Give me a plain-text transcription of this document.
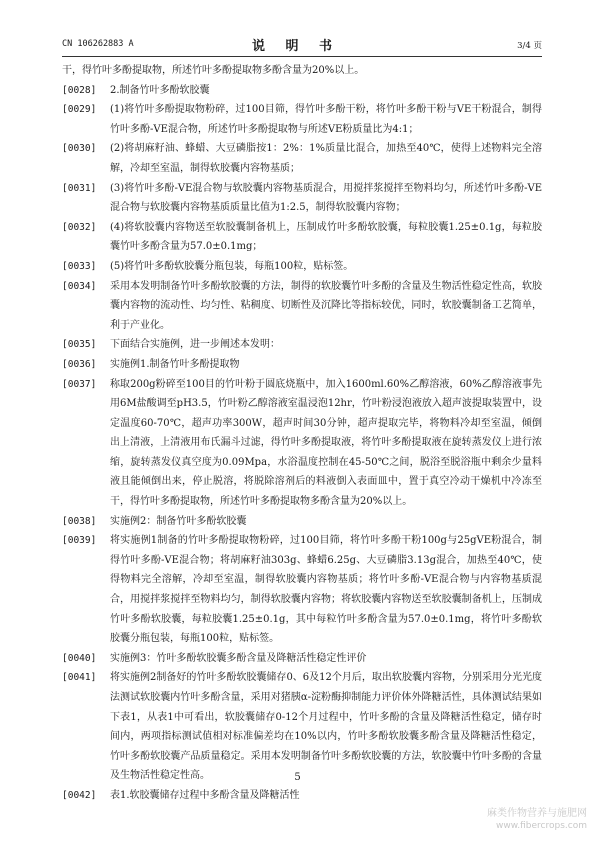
CN 106262883 A	说 明 书	3/4 页

干，得竹叶多酚提取物，所述竹叶多酚提取物多酚含量为20%以上。

[0028]	2.制备竹叶多酚软胶囊

[0029]	(1)将竹叶多酚提取物粉碎，过100目筛，得竹叶多酚干粉，将竹叶多酚干粉与VE干粉混合，制得竹叶多酚-VE混合物，所述竹叶多酚提取物与所述VE粉质量比为4:1；

[0030]	(2)将胡麻籽油、蜂蜡、大豆磷脂按1：2%：1%质量比混合，加热至40℃，使得上述物料完全溶解，冷却至室温，制得软胶囊内容物基质；

[0031]	(3)将竹叶多酚-VE混合物与软胶囊内容物基质混合，用搅拌浆搅拌至物料均匀，所述竹叶多酚-VE混合物与软胶囊内容物基质质量比值为1:2.5，制得软胶囊内容物；

[0032]	(4)将软胶囊内容物送至软胶囊制备机上，压制成竹叶多酚软胶囊，每粒胶囊1.25±0.1g，每粒胶囊竹叶多酚含量为57.0±0.1mg；

[0033]	(5)将竹叶多酚软胶囊分瓶包装，每瓶100粒，贴标签。

[0034]	采用本发明制备竹叶多酚软胶囊的方法，制得的软胶囊竹叶多酚的含量及生物活性稳定性高，软胶囊内容物的流动性、均匀性、粘稠度、切断性及沉降比等指标较优，同时，软胶囊制备工艺简单，利于产业化。

[0035]	下面结合实施例，进一步阐述本发明：

[0036]	实施例1.制备竹叶多酚提取物

[0037]	称取200g粉碎至100目的竹叶粉于圆底烧瓶中，加入1600ml.60%乙醇溶液，60%乙醇溶液事先用6M盐酸调至pH3.5，竹叶粉乙醇溶液室温浸泡12hr，竹叶粉浸泡液放入超声波提取装置中，设定温度60-70℃，超声功率300W，超声时间30分钟，超声提取完毕，将物料冷却至室温，倾倒出上清液，上清液用布氏漏斗过滤，得竹叶多酚提取液，将竹叶多酚提取液在旋转蒸发仪上进行浓缩，旋转蒸发仪真空度为0.09Mpa，水浴温度控制在45-50℃之间，脱浴至脱浴瓶中剩余少量料液且能倾倒出来，停止脱溶，将脱除溶剂后的料液倒入表面皿中，置于真空冷动干燥机中冷冻至干，得竹叶多酚提取物，所述竹叶多酚提取物多酚含量为20%以上。

[0038]	实施例2：制备竹叶多酚软胶囊

[0039]	将实施例1制备的竹叶多酚提取物粉碎，过100目筛，将竹叶多酚干粉100g与25gVE粉混合，制得竹叶多酚-VE混合物；将胡麻籽油303g、蜂蜡6.25g、大豆磷脂3.13g混合，加热至40℃，使得物料完全溶解，冷却至室温，制得软胶囊内容物基质；将竹叶多酚-VE混合物与内容物基质混合，用搅拌浆搅拌至物料均匀，制得软胶囊内容物；将软胶囊内容物送至软胶囊制备机上，压制成竹叶多酚软胶囊，每粒胶囊1.25±0.1g，其中每粒竹叶多酚含量为57.0±0.1mg，将竹叶多酚软胶囊分瓶包装，每瓶100粒，贴标签。

[0040]	实施例3：竹叶多酚软胶囊多酚含量及降糖活性稳定性评价

[0041]	将实施例2制备好的竹叶多酚软胶囊储存0、6及12个月后，取出软胶囊内容物，分别采用分光光度法测试软胶囊内竹叶多酚含量，采用对猪胰α-淀粉酶抑制能力评价体外降糖活性，具体测试结果如下表1，从表1中可看出，软胶囊储存0-12个月过程中，竹叶多酚的含量及降糖活性稳定，储存时间内，两项指标测试值相对标准偏差均在10%以内，竹叶多酚软胶囊多酚含量及降糖活性稳定，竹叶多酚软胶囊产品质量稳定。采用本发明制备竹叶多酚软胶囊的方法，软胶囊中竹叶多酚的含量及生物活性稳定性高。

[0042]	表1.软胶囊储存过程中多酚含量及降糖活性

5
麻类作物营养与施肥网
www.fibercrops.com
